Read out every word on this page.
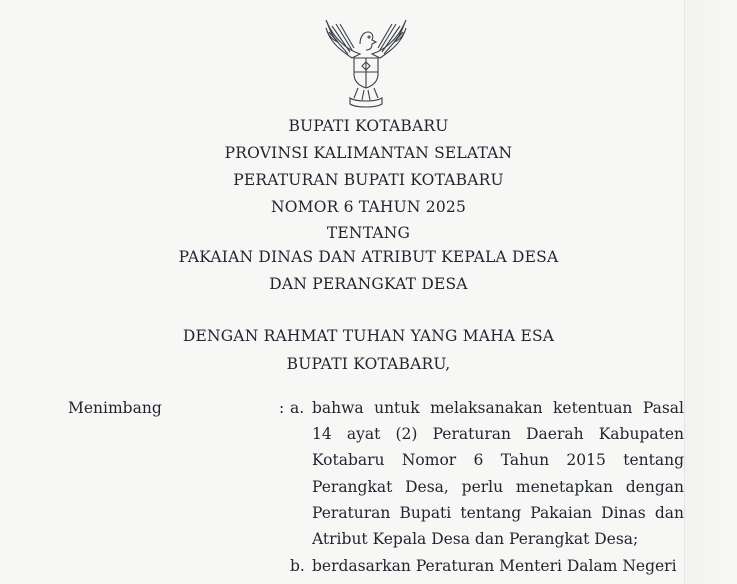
BUPATI KOTABARU
PROVINSI KALIMANTAN SELATAN
PERATURAN BUPATI KOTABARU
NOMOR 6 TAHUN 2025
TENTANG
PAKAIAN DINAS DAN ATRIBUT KEPALA DESA
DAN PERANGKAT DESA
DENGAN RAHMAT TUHAN YANG MAHA ESA
BUPATI KOTABARU,
Menimbang	: a. bahwa untuk melaksanakan ketentuan Pasal 14 ayat (2) Peraturan Daerah Kabupaten Kotabaru Nomor 6 Tahun 2015 tentang Perangkat Desa, perlu menetapkan dengan Peraturan Bupati tentang Pakaian Dinas dan Atribut Kepala Desa dan Perangkat Desa;
b. berdasarkan Peraturan Menteri Dalam Negeri
